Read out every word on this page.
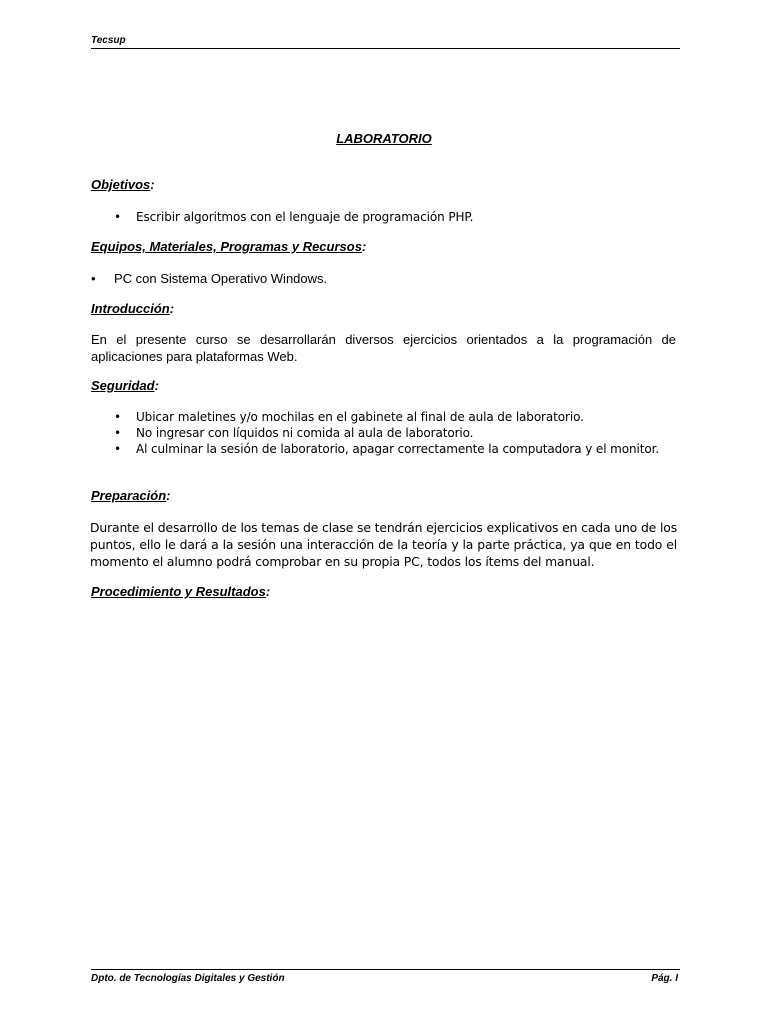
Tecsup
LABORATORIO
Objetivos:
• Escribir algoritmos con el lenguaje de programación PHP.
Equipos, Materiales, Programas y Recursos:
• PC con Sistema Operativo Windows.
Introducción:
En el presente curso se desarrollarán diversos ejercicios orientados a la programación de aplicaciones para plataformas Web.
Seguridad:
• Ubicar maletines y/o mochilas en el gabinete al final de aula de laboratorio.
• No ingresar con líquidos ni comida al aula de laboratorio.
• Al culminar la sesión de laboratorio, apagar correctamente la computadora y el monitor.
Preparación:
Durante el desarrollo de los temas de clase se tendrán ejercicios explicativos en cada uno de los puntos, ello le dará a la sesión una interacción de la teoría y la parte práctica, ya que en todo el momento el alumno podrá comprobar en su propia PC, todos los ítems del manual.
Procedimiento y Resultados:
Dpto. de Tecnologías Digitales y Gestión	Pág. I
